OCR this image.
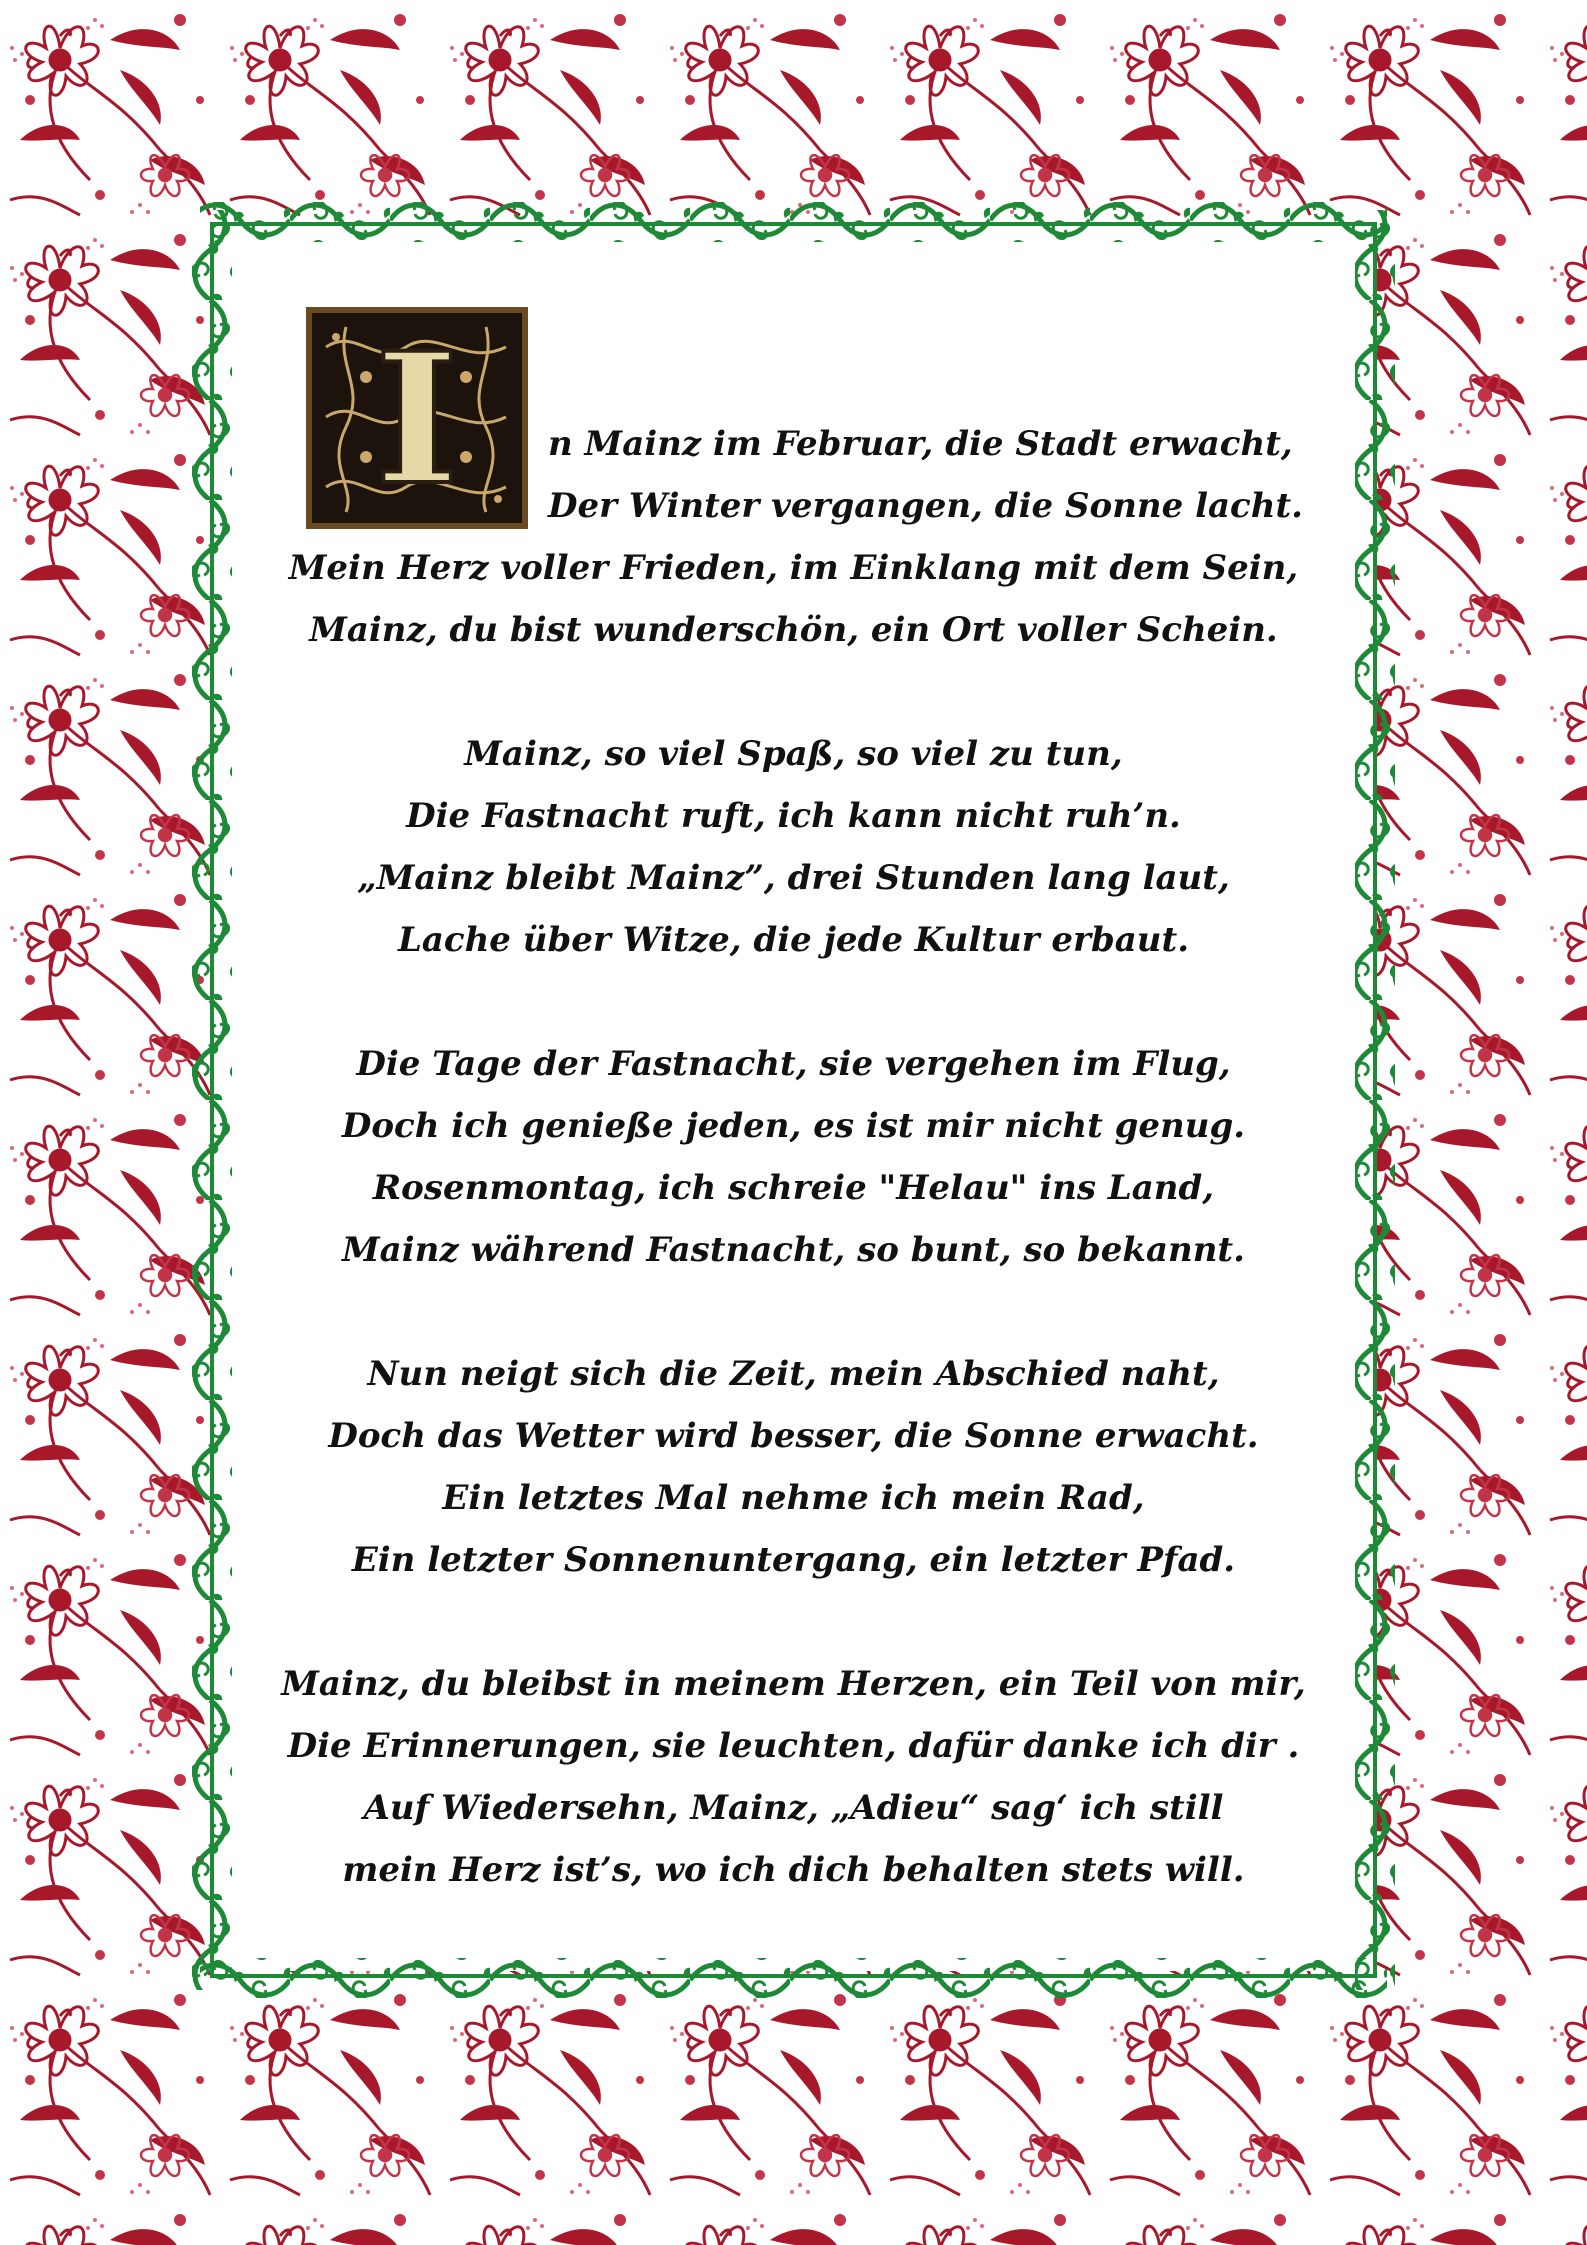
I	n Mainz im Februar, die Stadt erwacht,
Der Winter vergangen, die Sonne lacht.
Mein Herz voller Frieden, im Einklang mit dem Sein,
Mainz, du bist wunderschön, ein Ort voller Schein.
Mainz, so viel Spaß, so viel zu tun,
Die Fastnacht ruft, ich kann nicht ruh’n.
„Mainz bleibt Mainz”, drei Stunden lang laut,
Lache über Witze, die jede Kultur erbaut.
Die Tage der Fastnacht, sie vergehen im Flug,
Doch ich genieße jeden, es ist mir nicht genug.
Rosenmontag, ich schreie "Helau" ins Land,
Mainz während Fastnacht, so bunt, so bekannt.
Nun neigt sich die Zeit, mein Abschied naht,
Doch das Wetter wird besser, die Sonne erwacht.
Ein letztes Mal nehme ich mein Rad,
Ein letzter Sonnenuntergang, ein letzter Pfad.
Mainz, du bleibst in meinem Herzen, ein Teil von mir,
Die Erinnerungen, sie leuchten, dafür danke ich dir .
Auf Wiedersehn, Mainz, „Adieu“ sag‘ ich still
mein Herz ist’s, wo ich dich behalten stets will.
